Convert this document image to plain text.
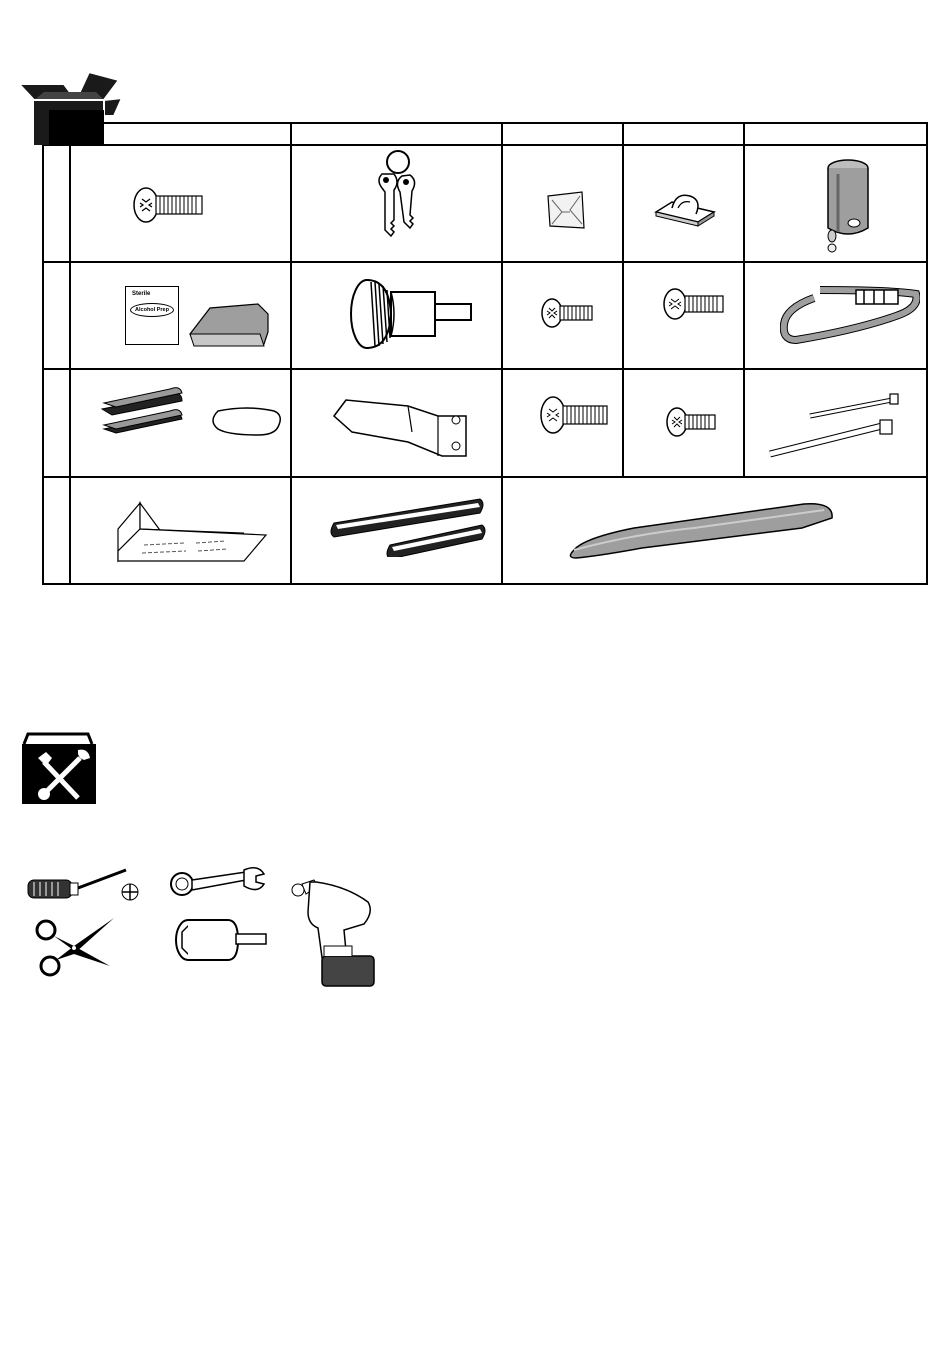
Sterile
Alcohol Prep
